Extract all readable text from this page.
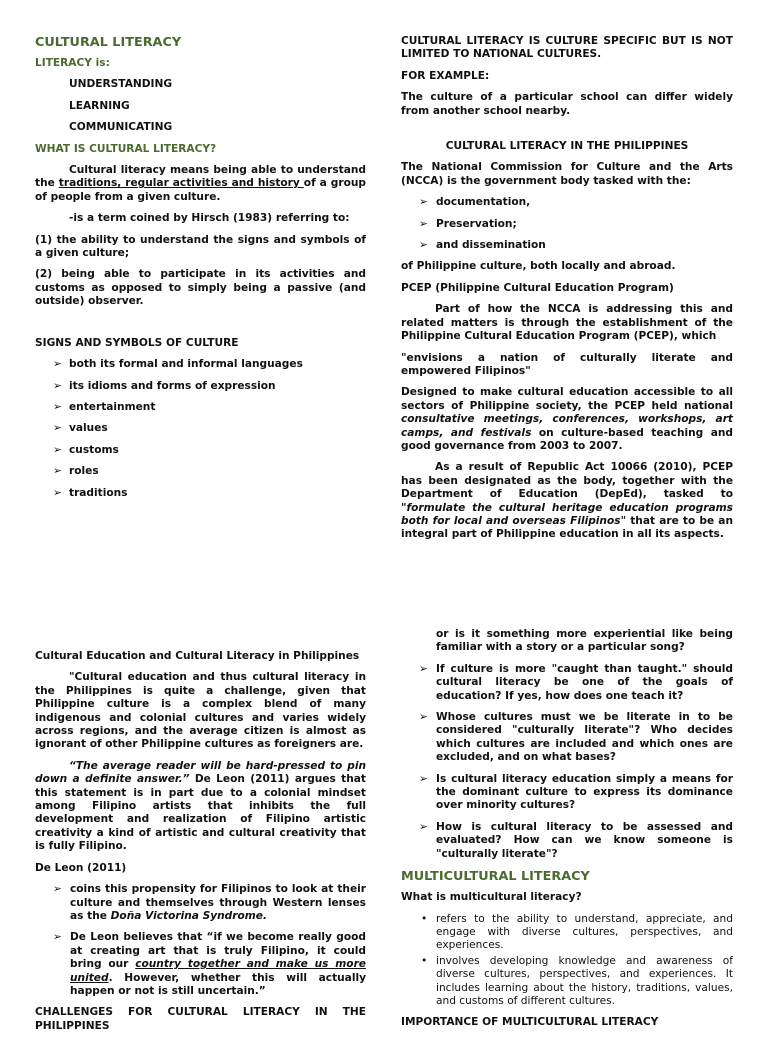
CULTURAL LITERACY

LITERACY is:

UNDERSTANDING

LEARNING

COMMUNICATING

WHAT IS CULTURAL LITERACY?

Cultural literacy means being able to understand the traditions, regular activities and history of a group of people from a given culture.

-is a term coined by Hirsch (1983) referring to:

(1) the ability to understand the signs and symbols of a given culture;

(2) being able to participate in its activities and customs as opposed to simply being a passive (and outside) observer.

SIGNS AND SYMBOLS OF CULTURE

➢ both its formal and informal languages
➢ its idioms and forms of expression
➢ entertainment
➢ values
➢ customs
➢ roles
➢ traditions

CULTURAL LITERACY IS CULTURE SPECIFIC BUT IS NOT LIMITED TO NATIONAL CULTURES.

FOR EXAMPLE:

The culture of a particular school can differ widely from another school nearby.

CULTURAL LITERACY IN THE PHILIPPINES

The National Commission for Culture and the Arts (NCCA) is the government body tasked with the:

➢ documentation,
➢ Preservation;
➢ and dissemination

of Philippine culture, both locally and abroad.

PCEP (Philippine Cultural Education Program)

Part of how the NCCA is addressing this and related matters is through the establishment of the Philippine Cultural Education Program (PCEP), which

"envisions a nation of culturally literate and empowered Filipinos"

Designed to make cultural education accessible to all sectors of Philippine society, the PCEP held national consultative meetings, conferences, workshops, art camps, and festivals on culture-based teaching and good governance from 2003 to 2007.

As a result of Republic Act 10066 (2010), PCEP has been designated as the body, together with the Department of Education (DepEd), tasked to "formulate the cultural heritage education programs both for local and overseas Filipinos" that are to be an integral part of Philippine education in all its aspects.

Cultural Education and Cultural Literacy in Philippines

"Cultural education and thus cultural literacy in the Philippines is quite a challenge, given that Philippine culture is a complex blend of many indigenous and colonial cultures and varies widely across regions, and the average citizen is almost as ignorant of other Philippine cultures as foreigners are.

“The average reader will be hard-pressed to pin down a definite answer.” De Leon (2011) argues that this statement is in part due to a colonial mindset among Filipino artists that inhibits the full development and realization of Filipino artistic creativity a kind of artistic and cultural creativity that is fully Filipino.

De Leon (2011)

➢ coins this propensity for Filipinos to look at their culture and themselves through Western lenses as the Doña Victorina Syndrome.
➢ De Leon believes that “if we become really good at creating art that is truly Filipino, it could bring our country together and make us more united. However, whether this will actually happen or not is still uncertain.”

CHALLENGES FOR CULTURAL LITERACY IN THE PHILIPPINES

or is it something more experiential like being familiar with a story or a particular song?

➢ If culture is more "caught than taught." should cultural literacy be one of the goals of education? If yes, how does one teach it?
➢ Whose cultures must we be literate in to be considered "culturally literate"? Who decides which cultures are included and which ones are excluded, and on what bases?
➢ Is cultural literacy education simply a means for the dominant culture to express its dominance over minority cultures?
➢ How is cultural literacy to be assessed and evaluated? How can we know someone is "culturally literate"?

MULTICULTURAL LITERACY

What is multicultural literacy?

• refers to the ability to understand, appreciate, and engage with diverse cultures, perspectives, and experiences.
• involves developing knowledge and awareness of diverse cultures, perspectives, and experiences. It includes learning about the history, traditions, values, and customs of different cultures.

IMPORTANCE OF MULTICULTURAL LITERACY
